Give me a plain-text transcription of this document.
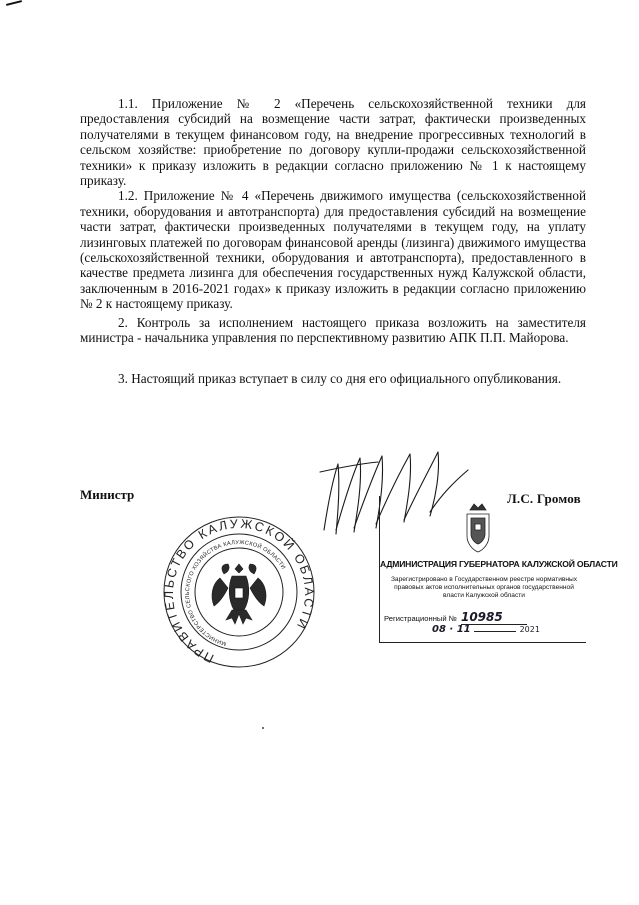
1.1. Приложение № 2 «Перечень сельскохозяйственной техники для предоставления субсидий на возмещение части затрат, фактически произведенных получателями в текущем финансовом году, на внедрение прогрессивных технологий в сельском хозяйстве: приобретение по договору купли-продажи сельскохозяйственной техники» к приказу изложить в редакции согласно приложению № 1 к настоящему приказу.

1.2. Приложение № 4 «Перечень движимого имущества (сельскохозяйственной техники, оборудования и автотранспорта) для предоставления субсидий на возмещение части затрат, фактически произведенных получателями в текущем году, на уплату лизинговых платежей по договорам финансовой аренды (лизинга) движимого имущества (сельскохозяйственной техники, оборудования и автотранспорта), предоставленного в качестве предмета лизинга для обеспечения государственных нужд Калужской области, заключенным в 2016-2021 годах» к приказу изложить в редакции согласно приложению № 2 к настоящему приказу.

2. Контроль за исполнением настоящего приказа возложить на заместителя министра - начальника управления по перспективному развитию АПК П.П. Майорова.

3. Настоящий приказ вступает в силу со дня его официального опубликования.

Министр	Л.С. Громов
ПРАВИТЕЛЬСТВО КАЛУЖСКОЙ ОБЛАСТИ
МИНИСТЕРСТВО СЕЛЬСКОГО ХОЗЯЙСТВА КАЛУЖСКОЙ ОБЛАСТИ	АДМИНИСТРАЦИЯ ГУБЕРНАТОРА КАЛУЖСКОЙ ОБЛАСТИ
Зарегистрировано в Государственном реестре нормативных правовых актов исполнительных органов государственной власти Калужской области
Регистрационный № 10985
08 · 11	2021
